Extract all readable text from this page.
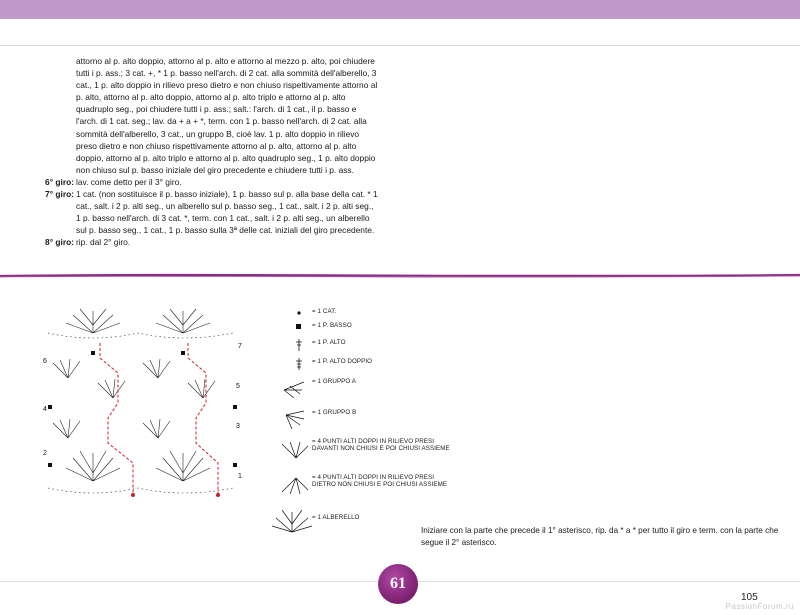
attorno al p. alto doppio, attorno al p. alto e attorno al mezzo p. alto, poi chiudere tutti i p. ass.; 3 cat. +, * 1 p. basso nell'arch. di 2 cat. alla sommità dell'alberello, 3 cat., 1 p. alto doppio in rilievo preso dietro e non chiuso rispettivamente attorno al p. alto, attorno al p. alto doppio, attorno al p. alto triplo e attorno al p. alto quadruplo seg., poi chiudere tutti i p. ass.; salt.: l'arch. di 1 cat., il p. basso e l'arch. di 1 cat. seg.; lav. da + a + *, term. con 1 p. basso nell'arch. di 2 cat. alla sommità dell'alberello, 3 cat., un gruppo B, cioè lav. 1 p. alto doppio in rilievo preso dietro e non chiuso rispettivamente attorno al p. alto, attorno al p. alto doppio, attorno al p. alto triplo e attorno al p. alto quadruplo seg., 1 p. alto doppio non chiuso sul p. basso iniziale del giro precedente e chiudere tutti i p. ass.

6° giro: lav. come detto per il 3° giro.

7° giro: 1 cat. (non sostituisce il p. basso iniziale), 1 p. basso sul p. alla base della cat. * 1 cat., salt. i 2 p. alti seg., un alberello sul p. basso seg., 1 cat., salt. i 2 p. alti seg., 1 p. basso nell'arch. di 3 cat. *, term. con 1 cat., salt. i 2 p. alti seg., un alberello sul p. basso seg., 1 cat., 1 p. basso sulla 3ª delle cat. iniziali del giro precedente.

8° giro: rip. dal 2° giro.

1
2
3
4
5
6
7
= 1 CAT.
= 1 P. BASSO
= 1 P. ALTO
= 1 P. ALTO DOPPIO
= 1 GRUPPO A
= 1 GRUPPO B
= 4 PUNTI ALTI DOPPI IN RILIEVO PRESI DAVANTI NON CHIUSI E POI CHIUSI ASSIEME
= 4 PUNTI ALTI DOPPI IN RILIEVO PRESI DIETRO NON CHIUSI E POI CHIUSI ASSIEME
= 1 ALBERELLO
Iniziare con la parte che precede il 1° asterisco, rip. da * a * per tutto il giro e term. con la parte che segue il 2° asterisco.
61
105
PassionForum.ru
